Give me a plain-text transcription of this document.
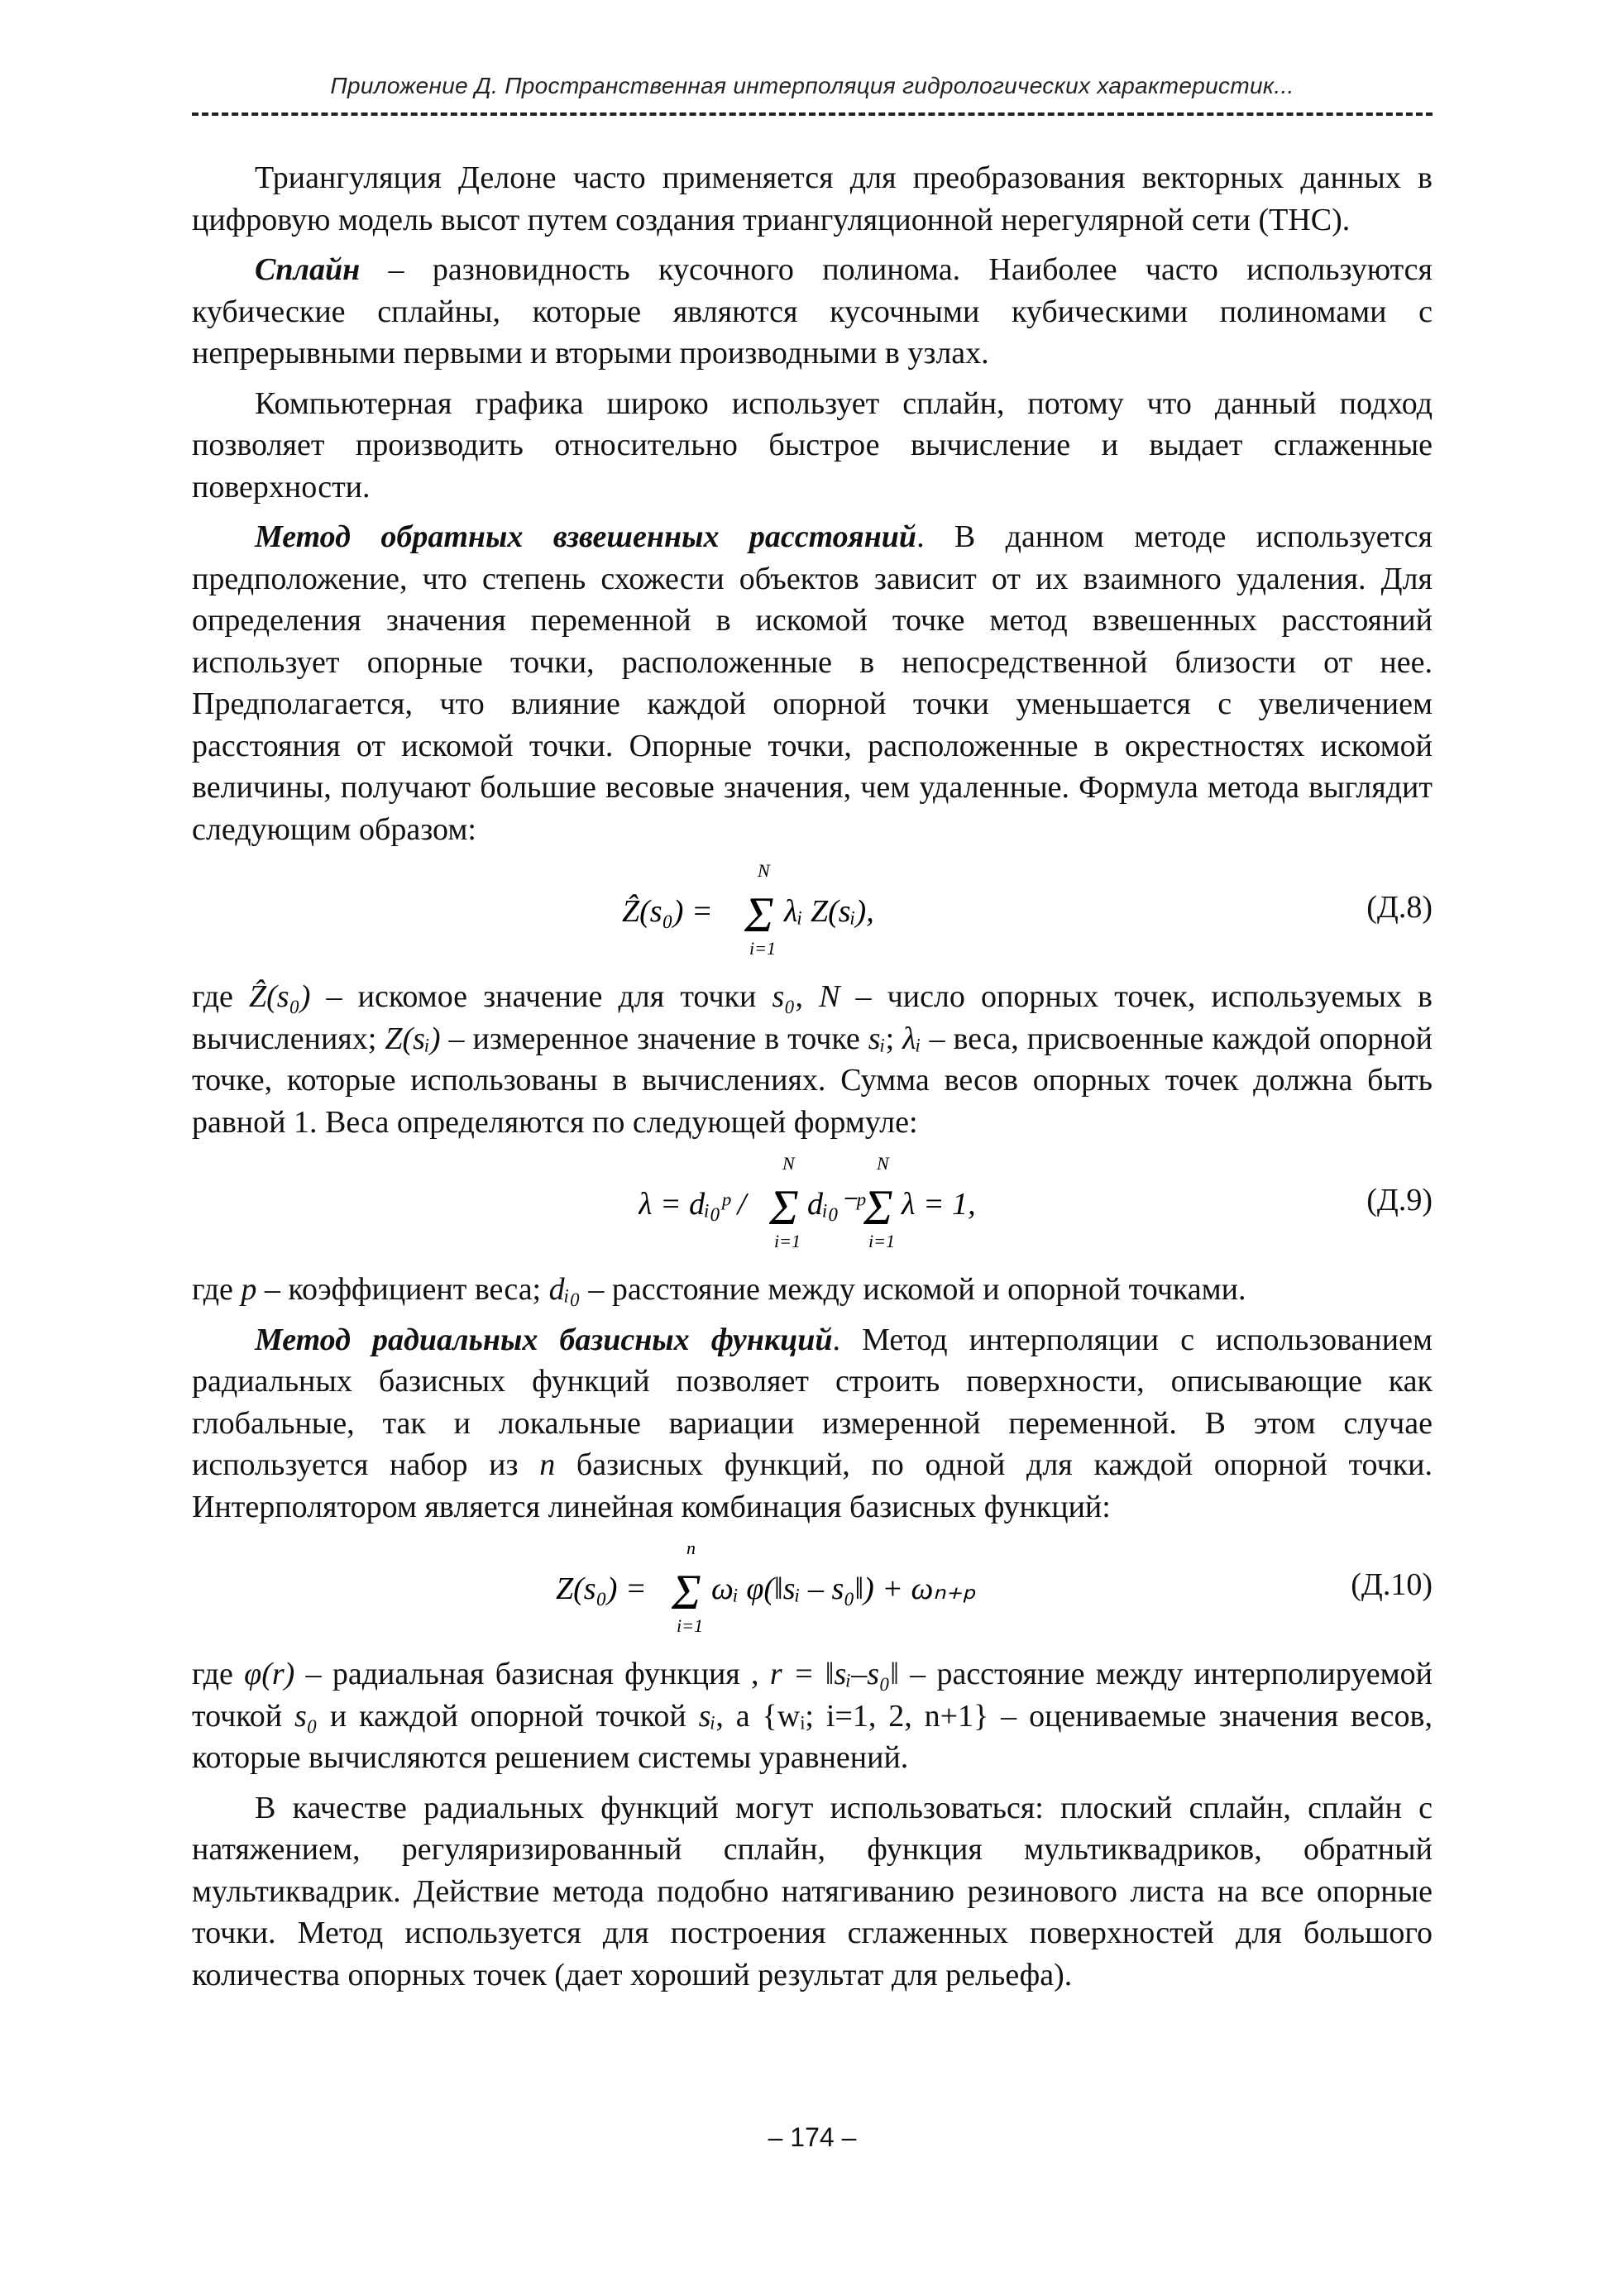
Приложение Д. Пространственная интерполяция гидрологических характеристик...

Триангуляция Делоне часто применяется для преобразования векторных данных в цифровую модель высот путем создания триангуляционной нерегулярной сети (ТНС).

Сплайн – разновидность кусочного полинома. Наиболее часто используются кубические сплайны, которые являются кусочными кубическими полиномами с непрерывными первыми и вторыми производными в узлах.

Компьютерная графика широко использует сплайн, потому что данный подход позволяет производить относительно быстрое вычисление и выдает сглаженные поверхности.

Метод обратных взвешенных расстояний. В данном методе используется предположение, что степень схожести объектов зависит от их взаимного удаления. Для определения значения переменной в искомой точке метод взвешенных расстояний использует опорные точки, расположенные в непосредственной близости от нее. Предполагается, что влияние каждой опорной точки уменьшается с увеличением расстояния от искомой точки. Опорные точки, расположенные в окрестностях искомой величины, получают большие весовые значения, чем удаленные. Формула метода выглядит следующим образом:

Ẑ(s₀) =
N
Σ
i=1
λᵢ Z(sᵢ),	(Д.8)

где Ẑ(s₀) – искомое значение для точки s₀, N – число опорных точек, используемых в вычислениях; Z(sᵢ) – измеренное значение в точке sᵢ; λᵢ – веса, присвоенные каждой опорной точке, которые использованы в вычислениях. Сумма весов опорных точек должна быть равной 1. Веса определяются по следующей формуле:

λ = dᵢ₀ᵖ /
N
Σ
i=1
dᵢ₀⁻ᵖ
N
Σ
i=1
λ = 1,	(Д.9)

где p – коэффициент веса; dᵢ₀ – расстояние между искомой и опорной точками.

Метод радиальных базисных функций. Метод интерполяции с использованием радиальных базисных функций позволяет строить поверхности, описывающие как глобальные, так и локальные вариации измеренной переменной. В этом случае используется набор из n базисных функций, по одной для каждой опорной точки. Интерполятором является линейная комбинация базисных функций:

Z(s₀) =
n
Σ
i=1
ωᵢ φ(‖sᵢ – s₀‖) + ωₙ₊ₚ	(Д.10)

где φ(r) – радиальная базисная функция , r = ‖sᵢ–s₀‖ – расстояние между интерполируемой точкой s₀ и каждой опорной точкой sᵢ, а {wᵢ; i=1, 2, n+1} – оцениваемые значения весов, которые вычисляются решением системы уравнений.

В качестве радиальных функций могут использоваться: плоский сплайн, сплайн с натяжением, регуляризированный сплайн, функция мультиквадриков, обратный мультиквадрик. Действие метода подобно натягиванию резинового листа на все опорные точки. Метод используется для построения сглаженных поверхностей для большого количества опорных точек (дает хороший результат для рельефа).

– 174 –
